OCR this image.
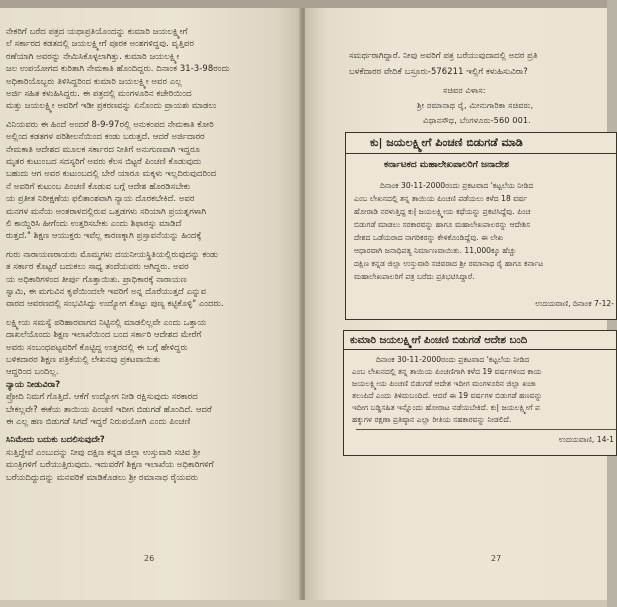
ನೇಕರಿಗೆ ಬರೆದ ಪತ್ರದ ಯಥಾಪ್ರತಿಯೊಂದನ್ನು ಕುಮಾರಿ ಜಯಲಕ್ಷ್ಮೀಗೆ
ಲೆ ಸರ್ಕಾರದ ಕಡತದಲ್ಲಿ ಜಯಲಕ್ಷ್ಮೀಗೆ ಪೂರಕ ಅಂಶಗಳಿದ್ದವು. ವೃತ್ತಿಪರ
ರಣೆಯಾಗಿ ಅವರನ್ನು ನೇಮಿಸಿಕೊಳ್ಳಲಾಗಿತ್ತು. ಕುಮಾರಿ ಜಯಲಕ್ಷ್ಮೀ
ಜಲ ಉಪಯೋಗದ ಕುರಿತಾಗಿ ನೇಮಕಾತಿ ಹೊಂದಿದ್ದರು. ದಿನಾಂಕ 31-3-98ರಂದು
ಅಧಿಕಾರಿಯೊಬ್ಬರು ತಿಳಿಸಿದ್ದರಿಂದ ಕುಮಾರಿ ಜಯಲಕ್ಷ್ಮೀ ಅವರ ಎಲ್ಲ
ಅರ್ಜಿ ಸಹಿತ ಕಳುಹಿಸಿದ್ದರು. ಈ ಪತ್ರದಲ್ಲಿ ಮಂಗಳೂರಿನ ಕಚೇರಿಯಿಂದ
ಮತ್ತು ಜಯಲಕ್ಷ್ಮೀ ಅವರಿಗೆ ಇಡೀ ಪ್ರಕರಣವನ್ನು ಏನೊಂದು ಪ್ರಾಯಶಃ ಮಾಡಲು
ವಿನಿಯವರು ಈ ಹಿಂದೆ ಅಂದರೆ 8-9-97ರಲ್ಲಿ ಅನುಕಂಪದ ನೇಮಕಾತಿ ಕೋರಿ
ಅಲ್ಲಿಂದ ಕಡತಗಳ ಪರಿಶೀಲನೆಯಿಂದ ಕಂಡು ಬರುತ್ತದೆ. ಆದರೆ ಅರ್ಜಿದಾರರ
ನೇಮಕಾತಿ ಆದೇಶದ ಮೂಲಕ ಸರ್ಕಾರದ ನೀತಿಗೆ ಅನುಗುಣವಾಗಿ ಇದ್ದರೂ
ಮೃತರ ಕುಟುಂಬದ ಸದಸ್ಯರಿಗೆ ಅವರು ಕೆಲಸ ಬಿಟ್ಟರೆ ಪಿಂಚಣಿ ಕೊಡುವುದು
ಬಹುದು ಆಗ ಅವರ ಕುಟುಂಬದಲ್ಲಿ ಬೇರೆ ಯಾರೂ ಮಕ್ಕಳು ಇಲ್ಲದಿರುವುದರಿಂದ
ನೆ ಅವರಿಗೆ ಕುಟುಂಬ ಪಿಂಚಣಿ ಕೊಡುವ ಬಗ್ಗೆ ಆದೇಶ ಹೊರಡಿಸಬೇಕು
ಯ ಪ್ರತೀತ ನಿರೀಕ್ಷಣೆಯ ಫಲಿತಾಂಶವಾಗಿ ನ್ಯಾಯ ದೊರಕಬೇಕಿದೆ. ಅವರ
ಮನಗಳ ಮನೆಯ ಅಂತರಾಳದಲ್ಲಿರುವ ಒತ್ತಡಗಳು ಸರಿಯಾಗಿ ಪ್ರಯತ್ನಗಳಾಗಿ
ಲಿ ಕಾಯ್ದಿರಿಸಿ ಹೀಗೆಂದು ಉತ್ತರಿಸಬೇಕು ಎಂದು ಶಿಫಾರಸ್ಸು ಮಾಡಿದೆ
ರುತ್ತದೆ." ಶಿಕ್ಷಣ ಆಯುಕ್ತರು ಇವೆಲ್ಲ ಕಾರಣಕ್ಕಾಗಿ ಪ್ರಸ್ತಾವನೆಯನ್ನು ಹಿಂದಕ್ಕೆ
ಗುರು ನಾರಾಯಣರಾಯರು ಮೊಮ್ಮಗಳು ದಯನೀಯಸ್ಥಿತಿಯಲ್ಲಿರುವುದನ್ನು ಕಂಡು
ತ ಸರ್ಕಾರ ಕೊಟ್ಟರೆ ಬದುಕಲು ಸಾಧ್ಯ ತಂದೆಯವರು ಆಗಿದ್ದರು. ಅವರ
ಯ ಅಧಿಕಾರಿಗಳಿಂದ ತೀರ್ಪು ಗೊತ್ತಾಯಿತು. ಪ್ರಾಧಿಕಾರಕ್ಕೆ ನಾರಾಯಣ
ಸ್ವಾಮಿ, ಈ ಮಗುವಿನ ಕೃಪೆಯಿಂದಲೇ ಇವರಿಗೆ ಅನ್ನ ದೊರೆಯುತ್ತದೆ ಎನ್ನುವ
ವಾರದ ಆವರಣದಲ್ಲಿ ಸಂಭವಿಸಿದ್ದು ಉದ್ಯೋಗ ಕೊಟ್ಟು ಪುಣ್ಯ ಕಟ್ಟಿಕೊಳ್ಳಿ" ಎಂದರು.
ಲಕ್ಷ್ಮೀಯ ಸಮಸ್ಯೆ ಪರಿಹಾರವಾಗದ ನಿಟ್ಟಿನಲ್ಲಿ ಮಾಡಲಿಲ್ಲವೇ ಎಂದು ಒತ್ತಾಯ
ದಾಖಲೆಯೊಂದು ಶಿಕ್ಷಣ ಇಲಾಖೆಯಿಂದ ಬಂದ ಸರ್ಕಾರಿ ಆದೇಶದ ಮೇರೆಗೆ
ಅವರು ಸಂಬಂಧಪಟ್ಟವರಿಗೆ ಕೊಟ್ಟಿದ್ದ ಉತ್ತರದಲ್ಲಿ ಈ ಬಗ್ಗೆ ಹೇಳಿದ್ದರು
ಬಳಿಕದಾರರ ಶಿಕ್ಷಣ ಪತ್ರಿಕೆಯಲ್ಲಿ ಲೇಖನವು ಪ್ರಕಟವಾಯಿತು
ಆದ್ದರಿಂದ ಬಂದಿಲ್ಲ.
ನ್ಯಾಯ ನೀಡುವಿರಾ?
ಪ್ರೋದಿ ನಿಮಗೆ ಗೊತ್ತಿದೆ. ಆಕೆಗೆ ಉದ್ಯೋಗ ನೀಡಿ ರಕ್ಷಿಸುವುದು ಸರಕಾರದ
ಬೇಕಲ್ಲವೇ? ಈಕೆಯ ತಾಯಿಯ ಪಿಂಚಣಿ ಇದೀಗ ಬಿಡುಗಡೆ ಹೊಂದಿದೆ. ಆದರೆ
ಈ ಎಲ್ಲ ಹಣ ಬಿಡುಗಡೆ ಸಿಗದೆ ಇದ್ದರೆ ನಿರುಪಯೋಗಿ ಎಂದು ಪಿಂಚಣಿ
ಸಿನಿಮೇದು ಬದುಕು ಬದಲಿಸುವುದೇ?
ಸುತ್ತಿದ್ದೇವೆ ಎಂಬುದನ್ನು ನೀವು ದಕ್ಷಿಣ ಕನ್ನಡ ಜಿಲ್ಲಾ ಉಸ್ತುವಾರಿ ಸಚಿವ ಶ್ರೀ
ಮಂತ್ರಿಗಳಿಗೆ ಬರೆಯುತ್ತಿರುವುದು. ಇದುವರೆಗೆ ಶಿಕ್ಷಣ ಇಲಾಖೆಯ ಅಧಿಕಾರಿಗಳಿಗೆ
ಬರೆಯದಿದ್ದುದನ್ನು ಮನವರಿಕೆ ಮಾಡಿಕೊಡಲು ಶ್ರೀ ರಮಾನಾಥ ರೈಯವರು
26
ಸಮರ್ಥರಾಗಿದ್ದಾರೆ. ನೀವು ಅವರಿಗೆ ಪತ್ರ ಬರೆಯುವುದಾದಲ್ಲಿ ಅದರ ಪ್ರತಿ
ಬಳಕೆದಾರರ ವೇದಿಕೆ ಬಸ್ರೂರು-576211 ಇಲ್ಲಿಗೆ ಕಳುಹಿಸುವಿರಾ?
ಸಚಿವರ ವಿಳಾಸ:
ಶ್ರೀ ರಮಾನಾಥ ರೈ, ಮೀನುಗಾರಿಕಾ ಸಚಿವರು,
ವಿಧಾನಸೌಧ, ಬೆಂಗಳೂರು-560 001.
ಕು| ಜಯಲಕ್ಷ್ಮೀಗೆ ಪಿಂಚಣಿ ಬಿಡುಗಡೆ ಮಾಡಿ
ಕರ್ನಾಟಕದ ಮಹಾಲೇಖಪಾಲರಿಗೆ ಜನಾದೇಶ
ದಿನಾಂಕ 30-11-2000ರಂದು ಪ್ರಕಟವಾದ 'ಕಟ್ಟಲೆಯ ನೀಡಿದ
ಎಂಬ ಲೇಖನದಲ್ಲಿ ತನ್ನ ತಾಯಿಯ ಪಿಂಚಣಿ ಪಡೆಯಲು ಕಳೆದ 18 ವರ್ಷ
ಹೋರಾಡಿ ನರಳುತ್ತಿದ್ದ ಕು| ಜಯಲಕ್ಷ್ಮೀಯ ಕಥೆಯನ್ನು ಪ್ರಕಟಿಸಿದ್ದೆವು. ಪಿಂಚ
ಬಿಡುಗಡೆ ಮಾಡಲು ಸರಕಾರವನ್ನು ಹಾಗೂ ಮಹಾಲೇಖಪಾಲರನ್ನು ಆದೇಶಿಸ
ದೇಶದ ಒಡೆಯರಾದ ನಾಗರಿಕರನ್ನು ಕೇಳಿಕೊಂಡಿದ್ದೆವು. ಈ ಲೇಖ
ಆಧಾರವಾಗಿ ಜನಾಧಿಪತ್ಯ ನಿರ್ಮಾಣವಾಯಿತು. 11,000ಕ್ಕೂ ಹೆಚ್ಚು
ದಕ್ಷಿಣ ಕನ್ನಡ ಜಿಲ್ಲಾ ಉಸ್ತುವಾರಿ ಸಚಿವರಾದ ಶ್ರೀ ರಮಾನಾಥ ರೈ ಹಾಗೂ ಕರ್ನಾಟ
ಮಹಾಲೇಖಪಾಲರಿಗೆ ಪತ್ರ ಬರೆದು ಪ್ರತಿಭಟಿಸಿದ್ದಾರೆ.
ಉದಯವಾಣಿ, ದಿನಾಂಕ 7-12-
ಕುಮಾರಿ ಜಯಲಕ್ಷ್ಮೀಗೆ ಪಿಂಚಣಿ ಬಿಡುಗಡೆ ಆದೇಶ ಬಂದಿ
ದಿನಾಂಕ 30-11-2000ರಂದು ಪ್ರಕಟವಾದ 'ಕಟ್ಟಲೆಯ ನೀಡಿದ
ಎಂಬ ಲೇಖನದಲ್ಲಿ ತನ್ನ ತಾಯಿಯ ಪಿಂಚಣಿಗಾಗಿ ಕಳೆದ 19 ವರ್ಷಗಳಿಂದ ಕಾಯ
ಜಯಲಕ್ಷ್ಮೀಯ ಪಿಂಚಣಿ ಬಿಡುಗಡೆ ಆದೇಶ ಇದೀಗ ಮಂಗಳೂರಿನ ಜಿಲ್ಲಾ ಖಜಾ
ತಲುಪಿದೆ ಎಂದು ತಿಳಿದುಬಂದಿದೆ. ಆದರೆ ಈ 19 ವರ್ಷಗಳ ಬಿಡುಗಡೆ ಹಣವನ್ನು
ಇದೀಗ ಬಡ್ಡಿಸಹಿತ ಇನ್ನೊಂದು ಹೋರಾಟ ನಡೆಯಬೇಕಿದೆ. ಕು| ಜಯಲಕ್ಷ್ಮೀಗೆ ಪ
ಹಕ್ಕುಗಳ ರಕ್ಷಣಾ ಪ್ರತಿಷ್ಠಾನ ಎಲ್ಲಾ ರೀತಿಯ ಸಹಕಾರವನ್ನು ನೀಡಲಿದೆ.
ಉದಯವಾಣಿ, 14-1
27
